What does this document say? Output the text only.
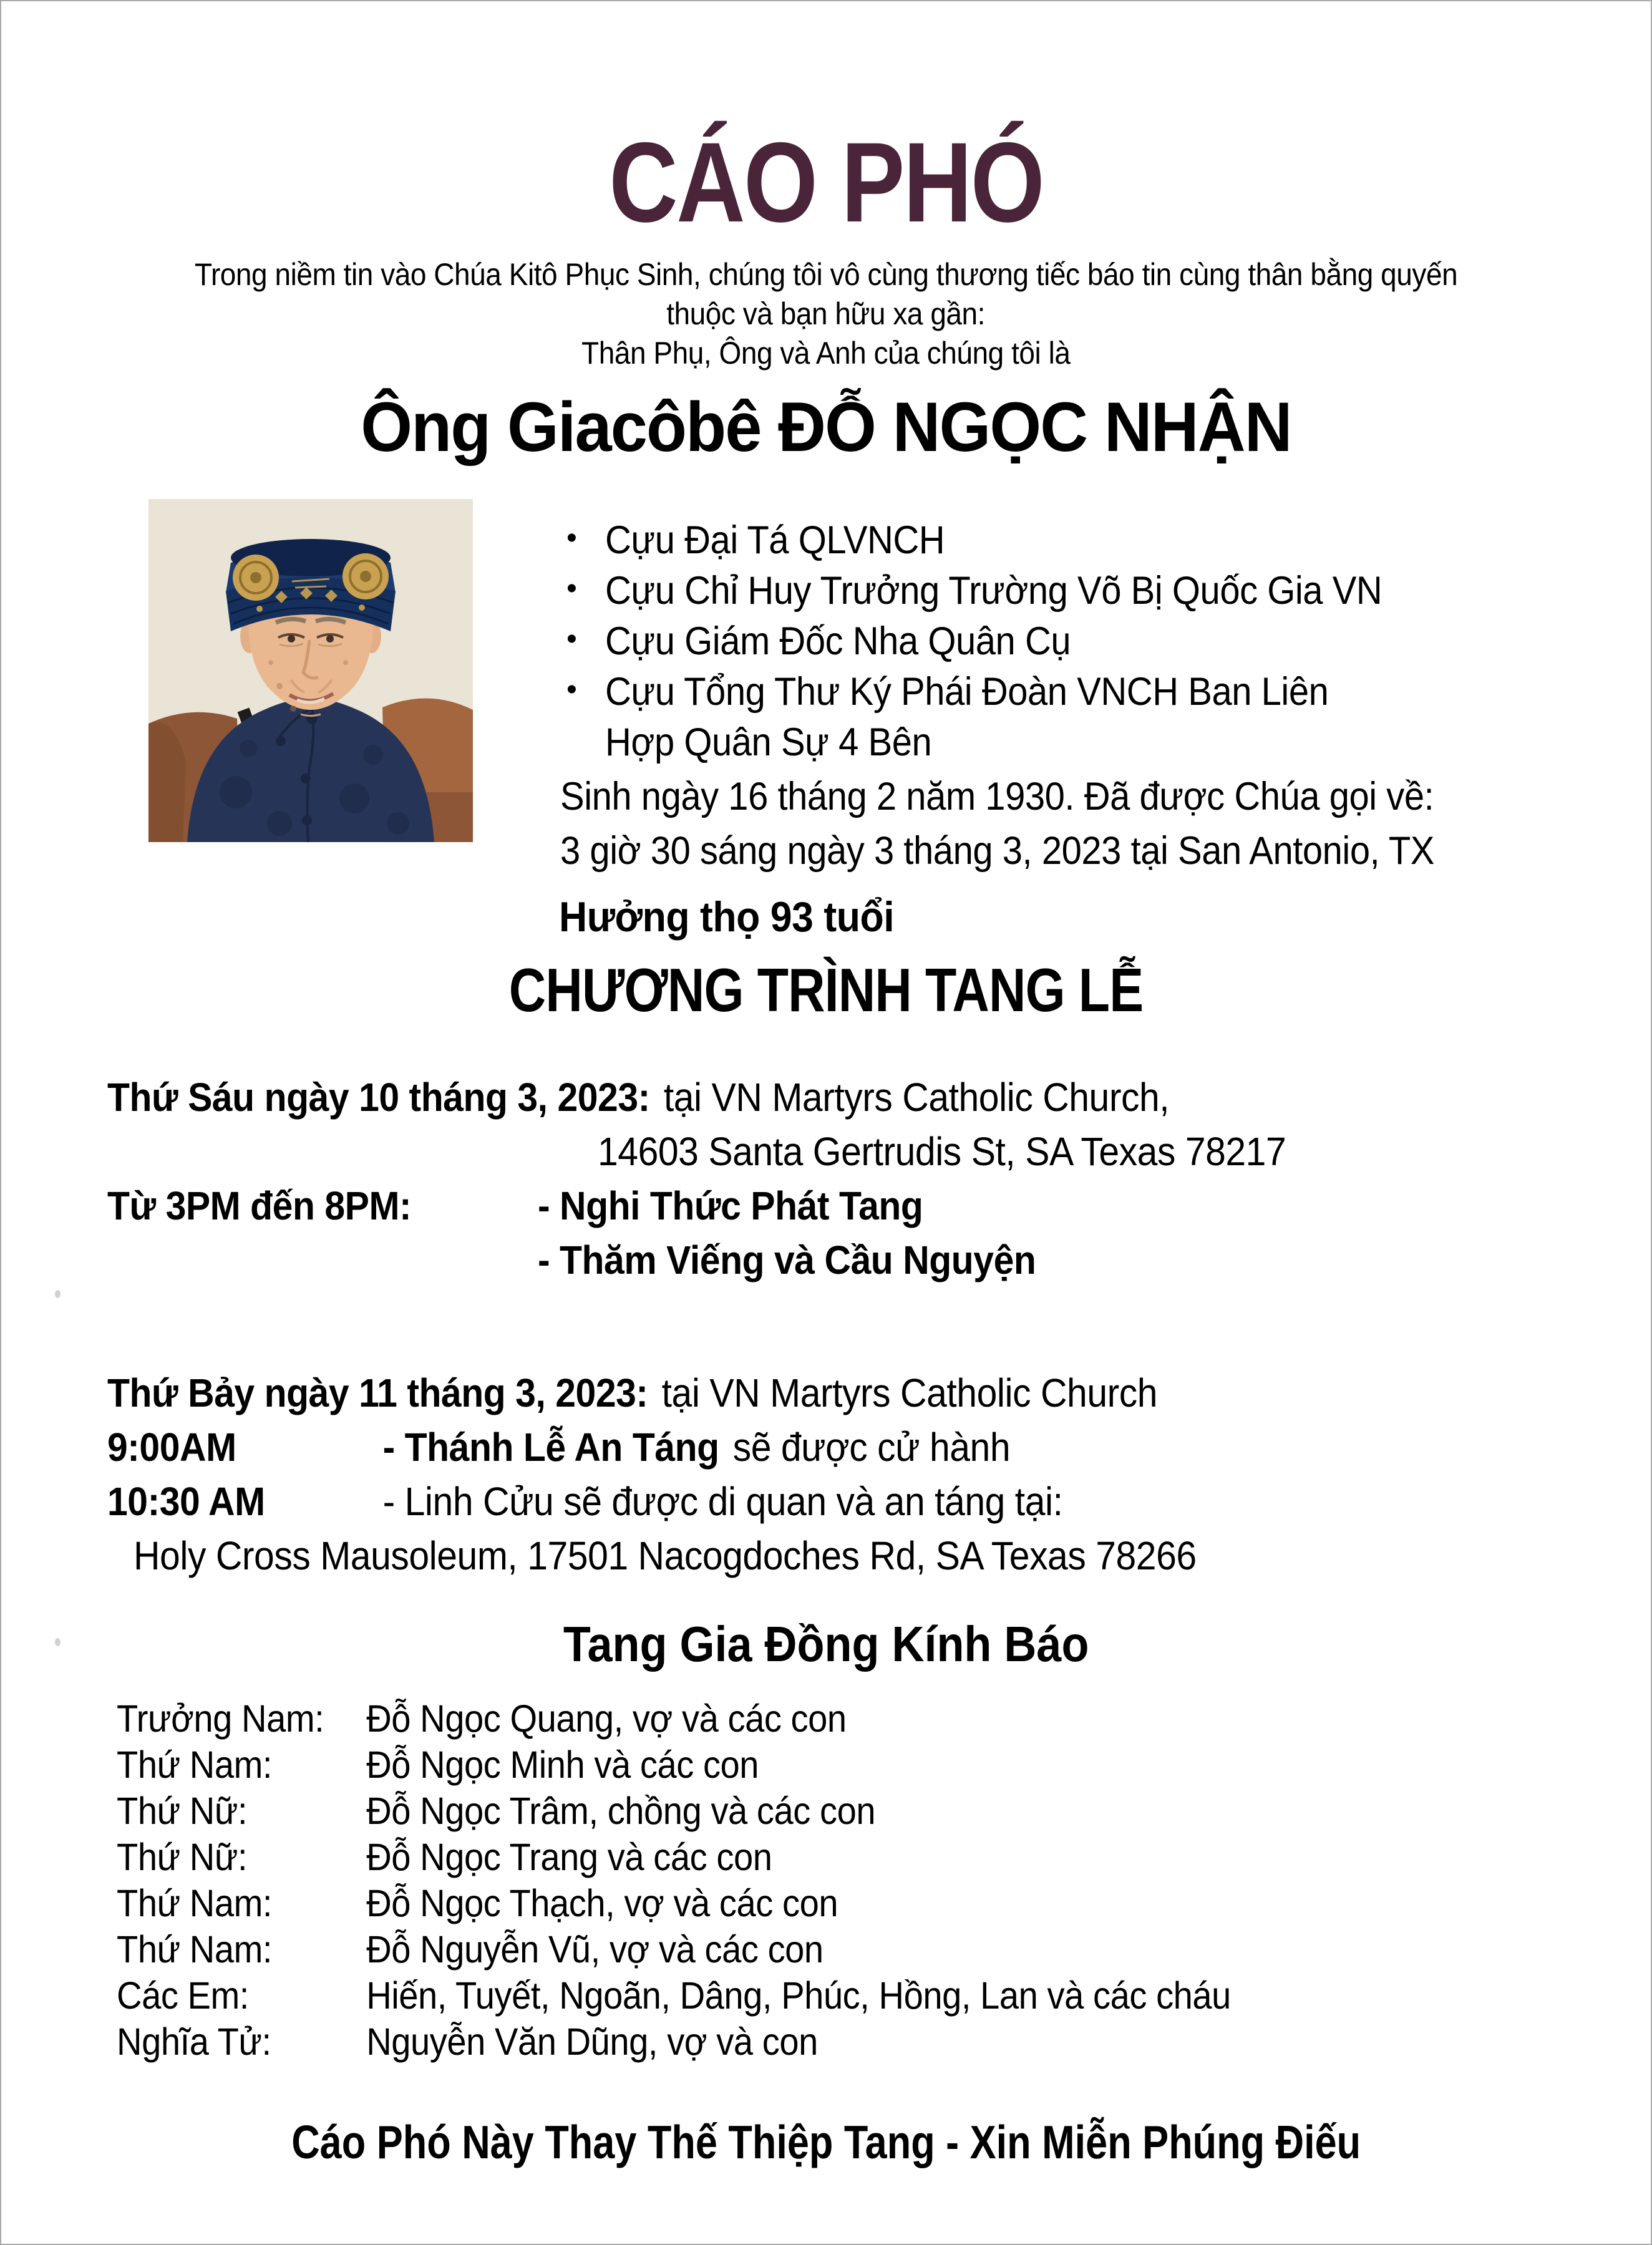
CÁO PHÓ
Trong niềm tin vào Chúa Kitô Phục Sinh, chúng tôi vô cùng thương tiếc báo tin cùng thân bằng quyến
thuộc và bạn hữu xa gần:
Thân Phụ, Ông và Anh của chúng tôi là
Ông Giacôbê ĐỖ NGỌC NHẬN
• Cựu Đại Tá QLVNCH
• Cựu Chỉ Huy Trưởng Trường Võ Bị Quốc Gia VN
• Cựu Giám Đốc Nha Quân Cụ
• Cựu Tổng Thư Ký Phái Đoàn VNCH Ban Liên
Hợp Quân Sự 4 Bên
Sinh ngày 16 tháng 2 năm 1930. Đã được Chúa gọi về:
3 giờ 30 sáng ngày 3 tháng 3, 2023 tại San Antonio, TX
Hưởng thọ 93 tuổi
CHƯƠNG TRÌNH TANG LỄ
Thứ Sáu ngày 10 tháng 3, 2023: tại VN Martyrs Catholic Church,
14603 Santa Gertrudis St, SA Texas 78217
Từ 3PM đến 8PM:	- Nghi Thức Phát Tang
- Thăm Viếng và Cầu Nguyện
Thứ Bảy ngày 11 tháng 3, 2023: tại VN Martyrs Catholic Church
9:00AM	- Thánh Lễ An Táng sẽ được cử hành
10:30 AM	- Linh Cửu sẽ được di quan và an táng tại:
Holy Cross Mausoleum, 17501 Nacogdoches Rd, SA Texas 78266
Tang Gia Đồng Kính Báo
Trưởng Nam:	Đỗ Ngọc Quang, vợ và các con
Thứ Nam:	Đỗ Ngọc Minh và các con
Thứ Nữ:	Đỗ Ngọc Trâm, chồng và các con
Thứ Nữ:	Đỗ Ngọc Trang và các con
Thứ Nam:	Đỗ Ngọc Thạch, vợ và các con
Thứ Nam:	Đỗ Nguyễn Vũ, vợ và các con
Các Em:	Hiến, Tuyết, Ngoãn, Dâng, Phúc, Hồng, Lan và các cháu
Nghĩa Tử:	Nguyễn Văn Dũng, vợ và con
Cáo Phó Này Thay Thế Thiệp Tang - Xin Miễn Phúng Điếu
